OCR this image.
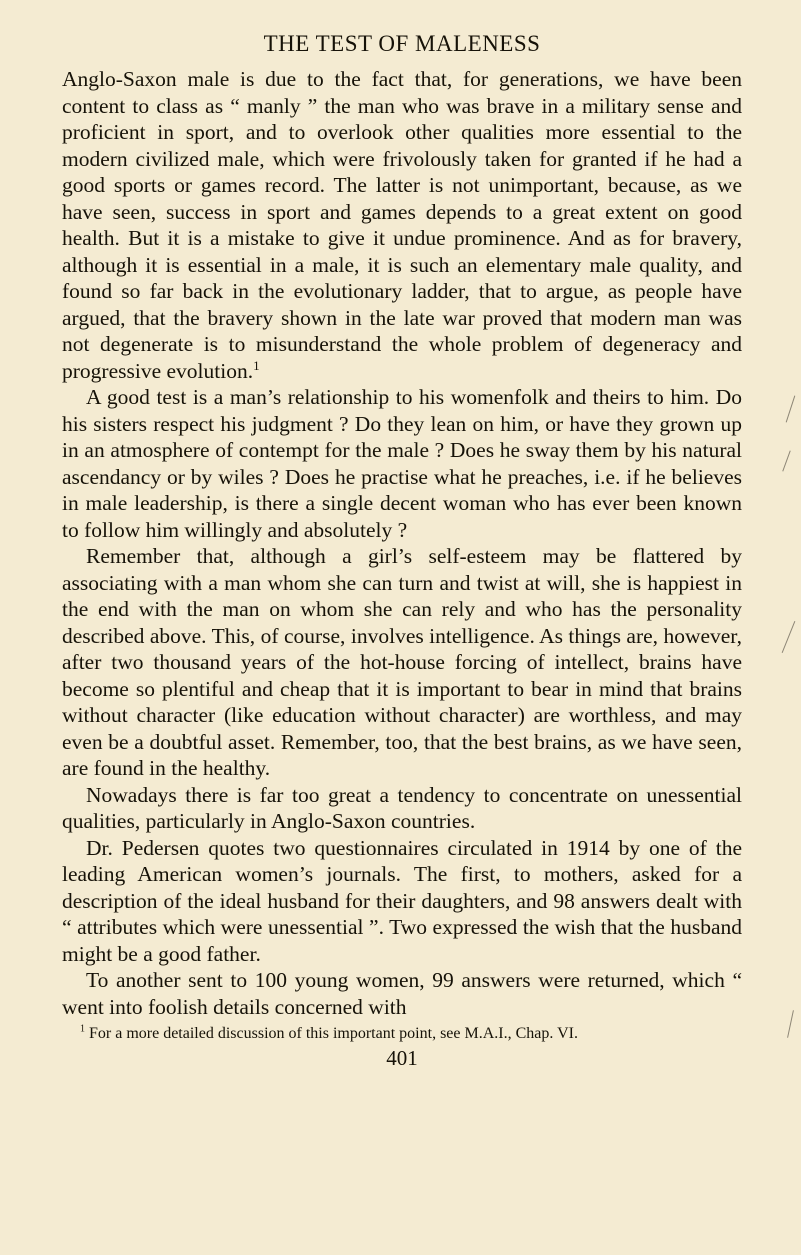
THE TEST OF MALENESS

Anglo-Saxon male is due to the fact that, for generations, we have been content to class as “ manly ” the man who was brave in a military sense and proficient in sport, and to overlook other qualities more essential to the modern civilized male, which were frivolously taken for granted if he had a good sports or games record. The latter is not unimportant, because, as we have seen, success in sport and games depends to a great extent on good health. But it is a mistake to give it undue prominence. And as for bravery, although it is essential in a male, it is such an elementary male quality, and found so far back in the evolutionary ladder, that to argue, as people have argued, that the bravery shown in the late war proved that modern man was not degenerate is to misunderstand the whole problem of degeneracy and progressive evolution.$^1$

A good test is a man’s relationship to his womenfolk and theirs to him. Do his sisters respect his judgment ? Do they lean on him, or have they grown up in an atmosphere of contempt for the male ? Does he sway them by his natural ascendancy or by wiles ? Does he practise what he preaches, i.e. if he believes in male leadership, is there a single decent woman who has ever been known to follow him willingly and absolutely ?

Remember that, although a girl’s self-esteem may be flattered by associating with a man whom she can turn and twist at will, she is happiest in the end with the man on whom she can rely and who has the personality described above. This, of course, involves intelligence. As things are, however, after two thousand years of the hot-house forcing of intellect, brains have become so plentiful and cheap that it is important to bear in mind that brains without character (like education without character) are worthless, and may even be a doubtful asset. Remember, too, that the best brains, as we have seen, are found in the healthy.

Nowadays there is far too great a tendency to concentrate on unessential qualities, particularly in Anglo-Saxon countries.

Dr. Pedersen quotes two questionnaires circulated in 1914 by one of the leading American women’s journals. The first, to mothers, asked for a description of the ideal husband for their daughters, and 98 answers dealt with “ attributes which were unessential ”. Two expressed the wish that the husband might be a good father.

To another sent to 100 young women, 99 answers were returned, which “ went into foolish details concerned with

$^1$ For a more detailed discussion of this important point, see M.A.I., Chap. VI.

401
